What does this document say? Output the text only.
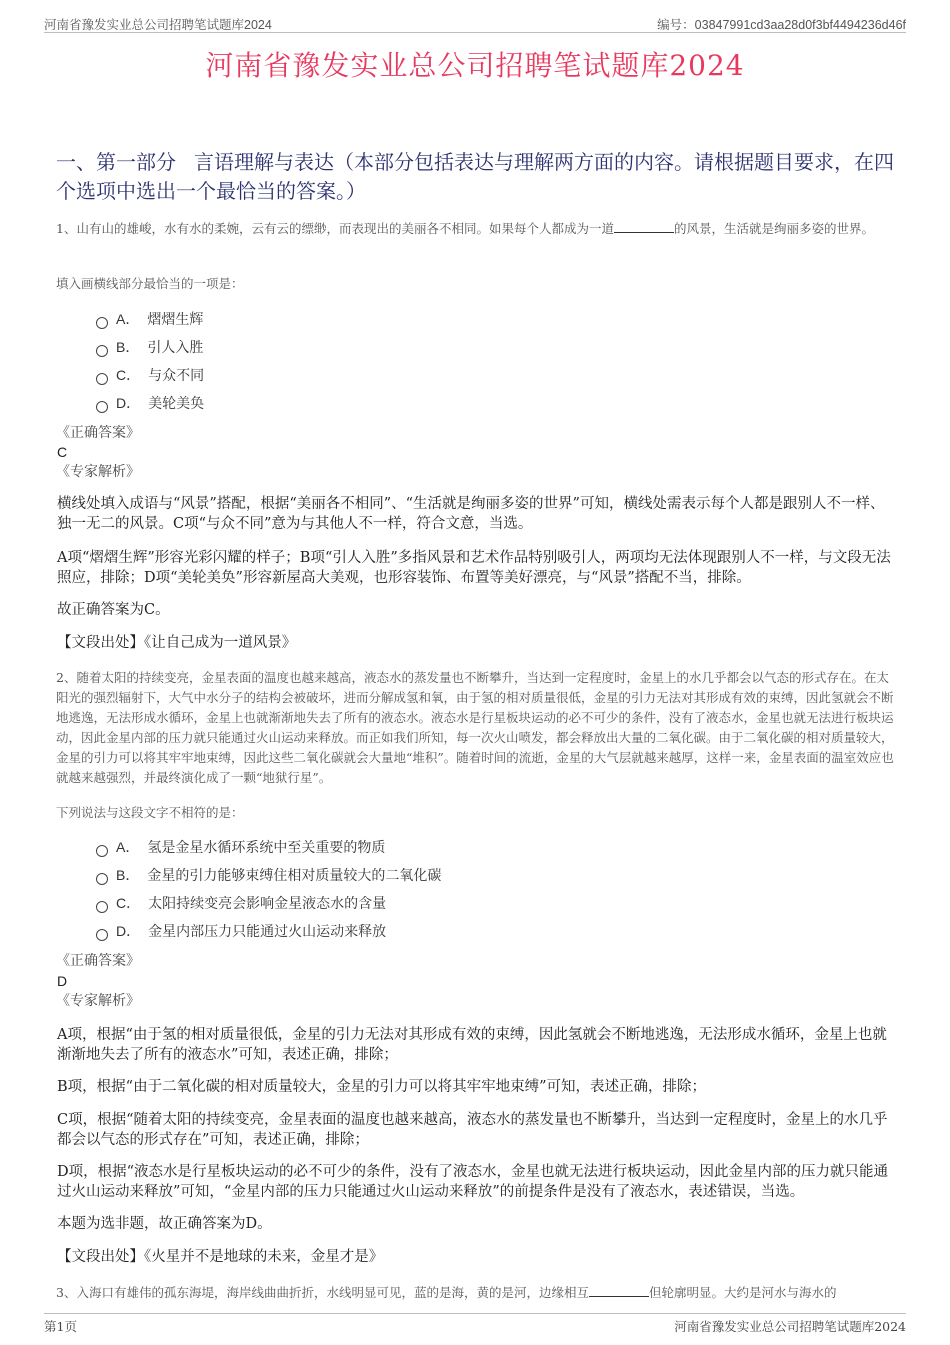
河南省豫发实业总公司招聘笔试题库2024	编号：03847991cd3aa28d0f3bf4494236d46f
河南省豫发实业总公司招聘笔试题库2024
一、第一部分 言语理解与表达（本部分包括表达与理解两方面的内容。请根据题目要求，在四个选项中选出一个最恰当的答案。）
1、山有山的雄峻，水有水的柔婉，云有云的缥缈，而表现出的美丽各不相同。如果每个人都成为一道	的风景，生活就是绚丽多姿的世界。
填入画横线部分最恰当的一项是：
A． 熠熠生辉
B． 引人入胜
C． 与众不同
D． 美轮美奂
《正确答案》
C
《专家解析》
横线处填入成语与“风景”搭配，根据“美丽各不相同”、“生活就是绚丽多姿的世界”可知，横线处需表示每个人都是跟别人不一样、独一无二的风景。C项“与众不同”意为与其他人不一样，符合文意，当选。
A项“熠熠生辉”形容光彩闪耀的样子；B项“引人入胜”多指风景和艺术作品特别吸引人，两项均无法体现跟别人不一样，与文段无法照应，排除；D项“美轮美奂”形容新屋高大美观，也形容装饰、布置等美好漂亮，与“风景”搭配不当，排除。
故正确答案为C。
【文段出处】《让自己成为一道风景》
2、随着太阳的持续变亮，金星表面的温度也越来越高，液态水的蒸发量也不断攀升，当达到一定程度时，金星上的水几乎都会以气态的形式存在。在太阳光的强烈辐射下，大气中水分子的结构会被破坏，进而分解成氢和氧，由于氢的相对质量很低，金星的引力无法对其形成有效的束缚，因此氢就会不断地逃逸，无法形成水循环，金星上也就渐渐地失去了所有的液态水。液态水是行星板块运动的必不可少的条件，没有了液态水，金星也就无法进行板块运动，因此金星内部的压力就只能通过火山运动来释放。而正如我们所知，每一次火山喷发，都会释放出大量的二氧化碳。由于二氧化碳的相对质量较大，金星的引力可以将其牢牢地束缚，因此这些二氧化碳就会大量地“堆积”。随着时间的流逝，金星的大气层就越来越厚，这样一来，金星表面的温室效应也就越来越强烈，并最终演化成了一颗“地狱行星”。
下列说法与这段文字不相符的是：
A． 氢是金星水循环系统中至关重要的物质
B． 金星的引力能够束缚住相对质量较大的二氧化碳
C． 太阳持续变亮会影响金星液态水的含量
D． 金星内部压力只能通过火山运动来释放
《正确答案》
D
《专家解析》
A项，根据“由于氢的相对质量很低，金星的引力无法对其形成有效的束缚，因此氢就会不断地逃逸，无法形成水循环，金星上也就渐渐地失去了所有的液态水”可知，表述正确，排除；
B项，根据“由于二氧化碳的相对质量较大，金星的引力可以将其牢牢地束缚”可知，表述正确，排除；
C项，根据“随着太阳的持续变亮，金星表面的温度也越来越高，液态水的蒸发量也不断攀升，当达到一定程度时，金星上的水几乎都会以气态的形式存在”可知，表述正确，排除；
D项，根据“液态水是行星板块运动的必不可少的条件，没有了液态水，金星也就无法进行板块运动，因此金星内部的压力就只能通过火山运动来释放”可知，“金星内部的压力只能通过火山运动来释放”的前提条件是没有了液态水，表述错误，当选。
本题为选非题，故正确答案为D。
【文段出处】《火星并不是地球的未来，金星才是》
3、入海口有雄伟的孤东海堤，海岸线曲曲折折，水线明显可见，蓝的是海，黄的是河，边缘相互	但轮廓明显。大约是河水与海水的
第1页	河南省豫发实业总公司招聘笔试题库2024
